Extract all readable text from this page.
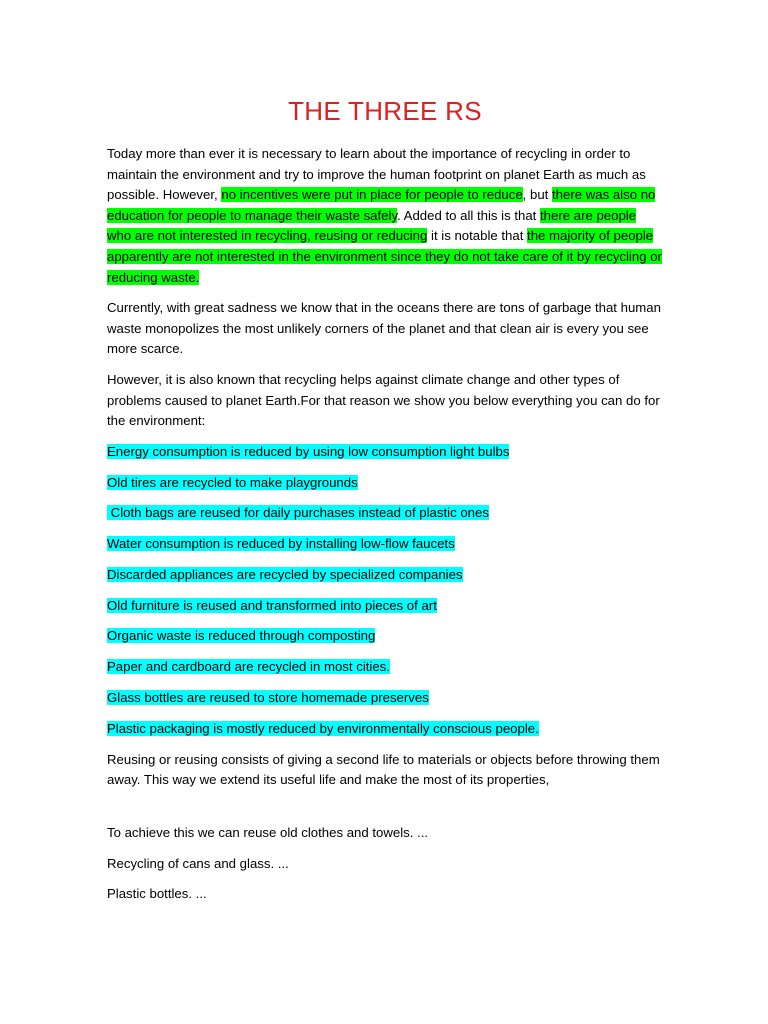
THE THREE RS

Today more than ever it is necessary to learn about the importance of recycling in order to maintain the environment and try to improve the human footprint on planet Earth as much as possible. However, no incentives were put in place for people to reduce, but there was also no education for people to manage their waste safely. Added to all this is that there are people who are not interested in recycling, reusing or reducing it is notable that the majority of people apparently are not interested in the environment since they do not take care of it by recycling or reducing waste.

Currently, with great sadness we know that in the oceans there are tons of garbage that human waste monopolizes the most unlikely corners of the planet and that clean air is every you see more scarce.

However, it is also known that recycling helps against climate change and other types of problems caused to planet Earth.For that reason we show you below everything you can do for the environment:

Energy consumption is reduced by using low consumption light bulbs
Old tires are recycled to make playgrounds
Cloth bags are reused for daily purchases instead of plastic ones
Water consumption is reduced by installing low-flow faucets
Discarded appliances are recycled by specialized companies
Old furniture is reused and transformed into pieces of art
Organic waste is reduced through composting
Paper and cardboard are recycled in most cities.
Glass bottles are reused to store homemade preserves
Plastic packaging is mostly reduced by environmentally conscious people.

Reusing or reusing consists of giving a second life to materials or objects before throwing them away. This way we extend its useful life and make the most of its properties,

To achieve this we can reuse old clothes and towels. ...
Recycling of cans and glass. ...
Plastic bottles. ...
